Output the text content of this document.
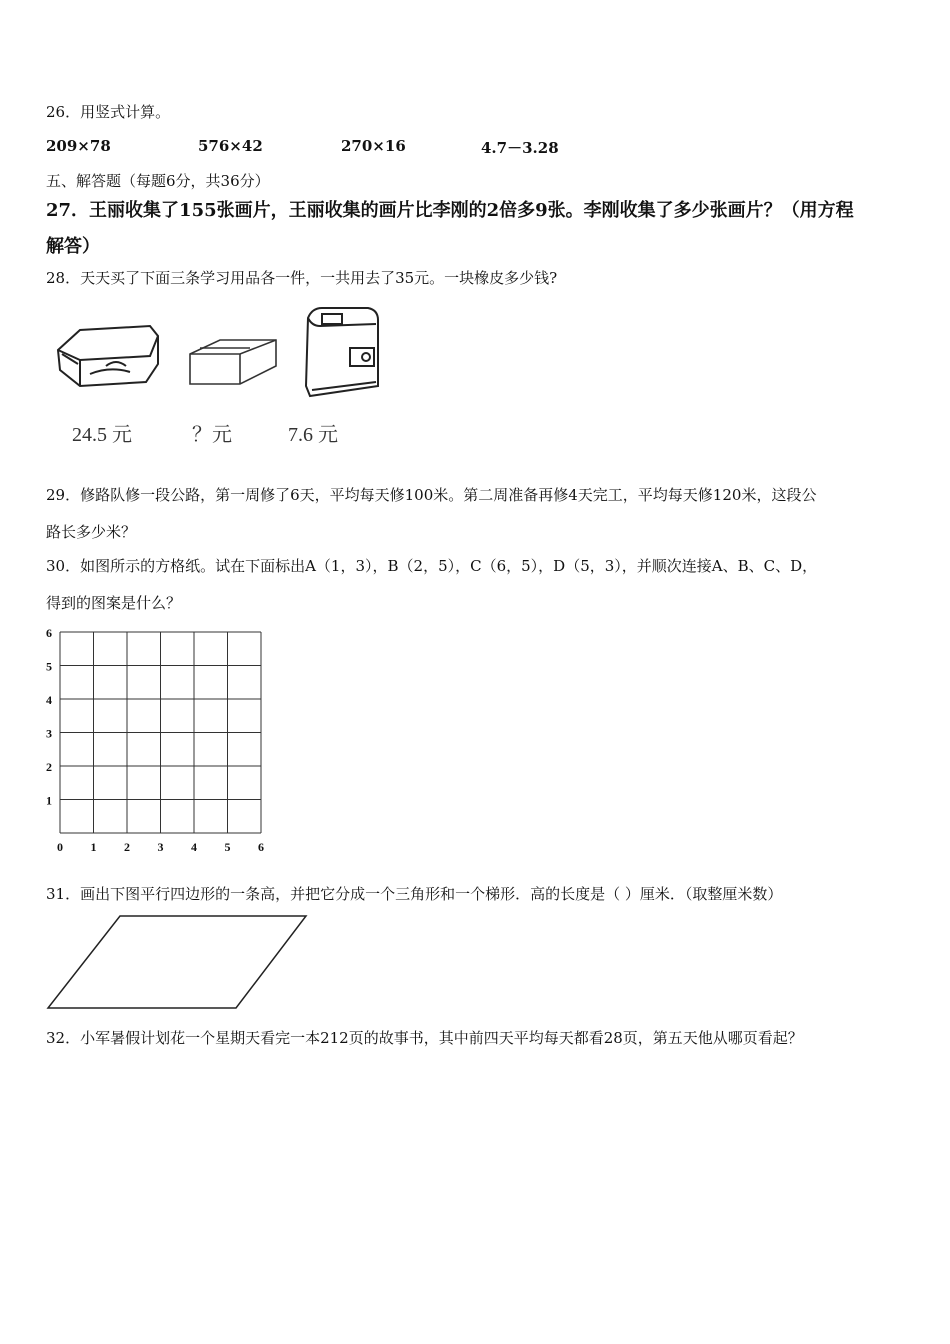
26．用竖式计算。
209×78	576×42	270×16	4.7－3.28
五、解答题（每题6分，共36分）
27．王丽收集了155张画片，王丽收集的画片比李刚的2倍多9张。李刚收集了多少张画片？（用方程
解答）
28．天天买了下面三条学习用品各一件，一共用去了35元。一块橡皮多少钱?
24.5 元	？元	7.6 元
29．修路队修一段公路，第一周修了6天，平均每天修100米。第二周准备再修4天完工，平均每天修120米，这段公
路长多少米？
30．如图所示的方格纸。试在下面标出A（1，3），B（2，5），C（6，5），D（5，3），并顺次连接A、B、C、D，
得到的图案是什么？
0 1 2 3 4 5 6
1
2
3
4
5
6
31．画出下图平行四边形的一条高，并把它分成一个三角形和一个梯形．高的长度是（ ）厘米．（取整厘米数）
32．小军暑假计划花一个星期天看完一本212页的故事书，其中前四天平均每天都看28页，第五天他从哪页看起？
